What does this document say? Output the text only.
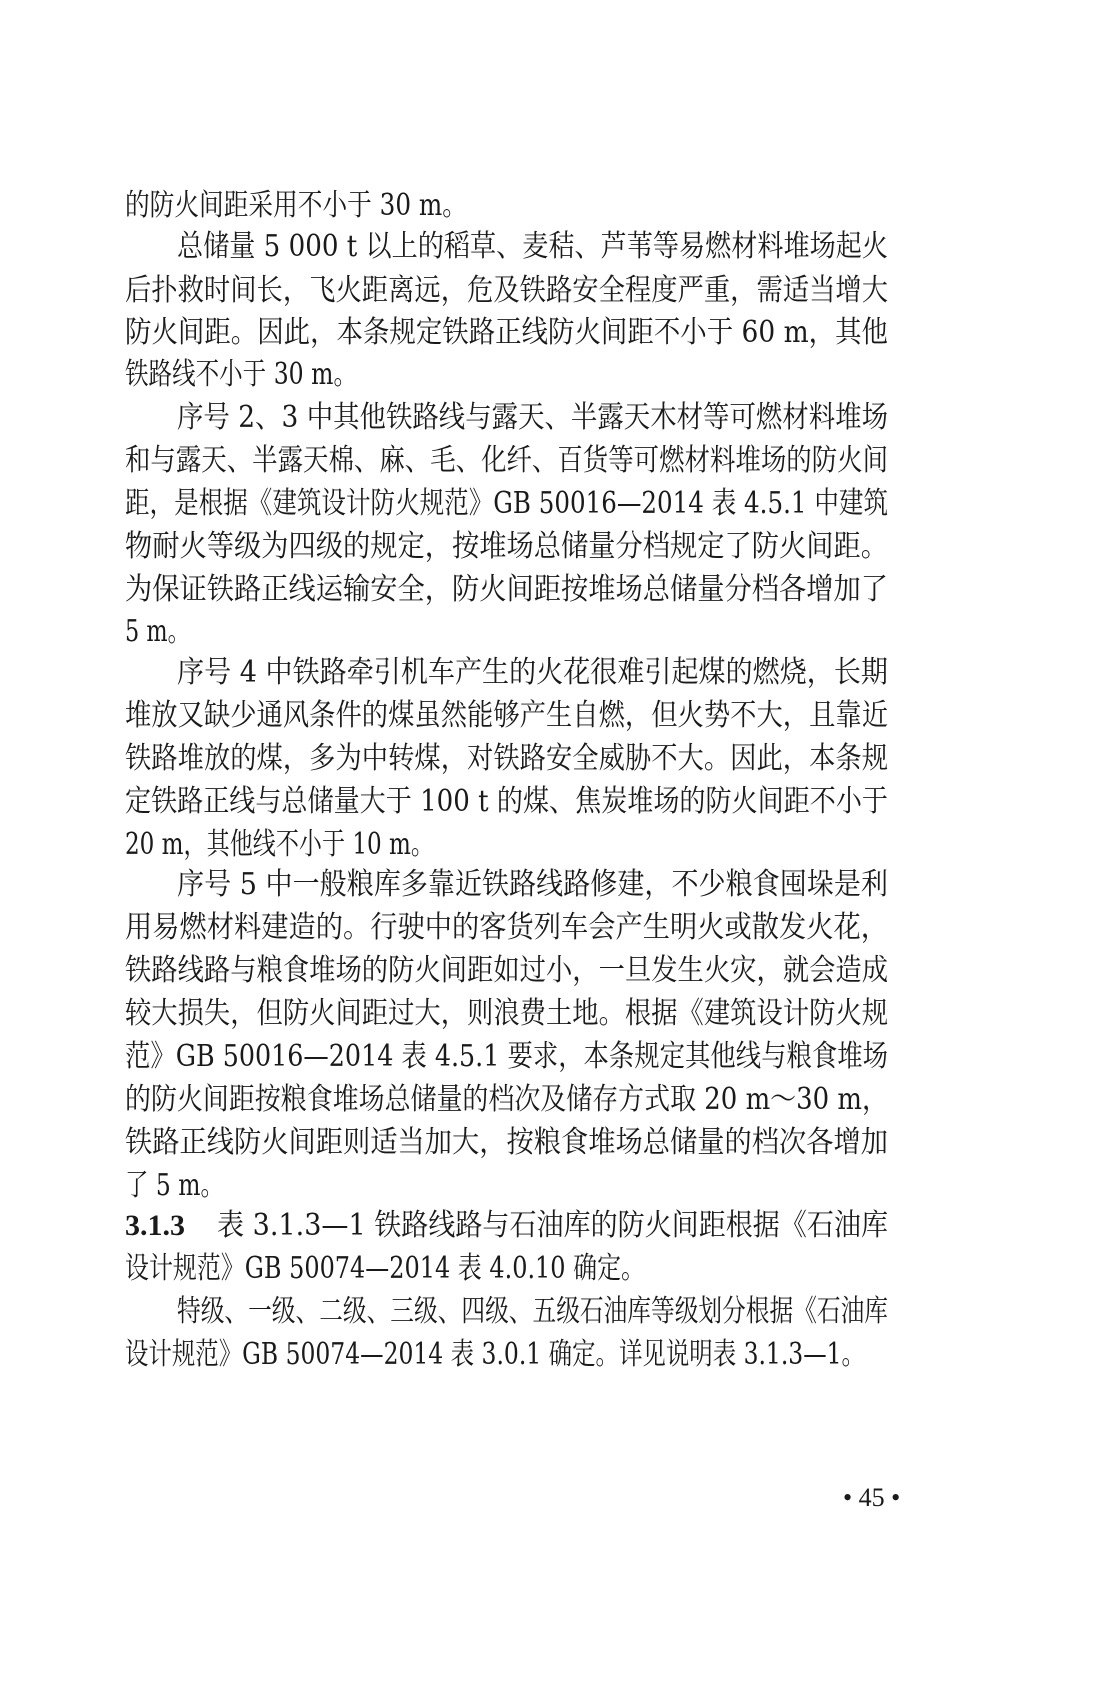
的防火间距采用不小于 30 m。
总储量 5 000 t 以上的稻草、麦秸、芦苇等易燃材料堆场起火
后扑救时间长，飞火距离远，危及铁路安全程度严重，需适当增大
防火间距。因此，本条规定铁路正线防火间距不小于 60 m，其他
铁路线不小于 30 m。
序号 2、3 中其他铁路线与露天、半露天木材等可燃材料堆场
和与露天、半露天棉、麻、毛、化纤、百货等可燃材料堆场的防火间
距，是根据《建筑设计防火规范》GB 50016—2014 表 4.5.1 中建筑
物耐火等级为四级的规定，按堆场总储量分档规定了防火间距。
为保证铁路正线运输安全，防火间距按堆场总储量分档各增加了
5 m。
序号 4 中铁路牵引机车产生的火花很难引起煤的燃烧，长期
堆放又缺少通风条件的煤虽然能够产生自燃，但火势不大，且靠近
铁路堆放的煤，多为中转煤，对铁路安全威胁不大。因此，本条规
定铁路正线与总储量大于 100 t 的煤、焦炭堆场的防火间距不小于
20 m，其他线不小于 10 m。
序号 5 中一般粮库多靠近铁路线路修建，不少粮食囤垛是利
用易燃材料建造的。行驶中的客货列车会产生明火或散发火花，
铁路线路与粮食堆场的防火间距如过小，一旦发生火灾，就会造成
较大损失，但防火间距过大，则浪费土地。根据《建筑设计防火规
范》GB 50016—2014 表 4.5.1 要求，本条规定其他线与粮食堆场
的防火间距按粮食堆场总储量的档次及储存方式取 20 m～30 m，
铁路正线防火间距则适当加大，按粮食堆场总储量的档次各增加
了 5 m。
表 3.1.3—1 铁路线路与石油库的防火间距根据《石油库
设计规范》GB 50074—2014 表 4.0.10 确定。
特级、一级、二级、三级、四级、五级石油库等级划分根据《石油库
设计规范》GB 50074—2014 表 3.0.1 确定。详见说明表 3.1.3—1。
3.1.3
• 45 •
